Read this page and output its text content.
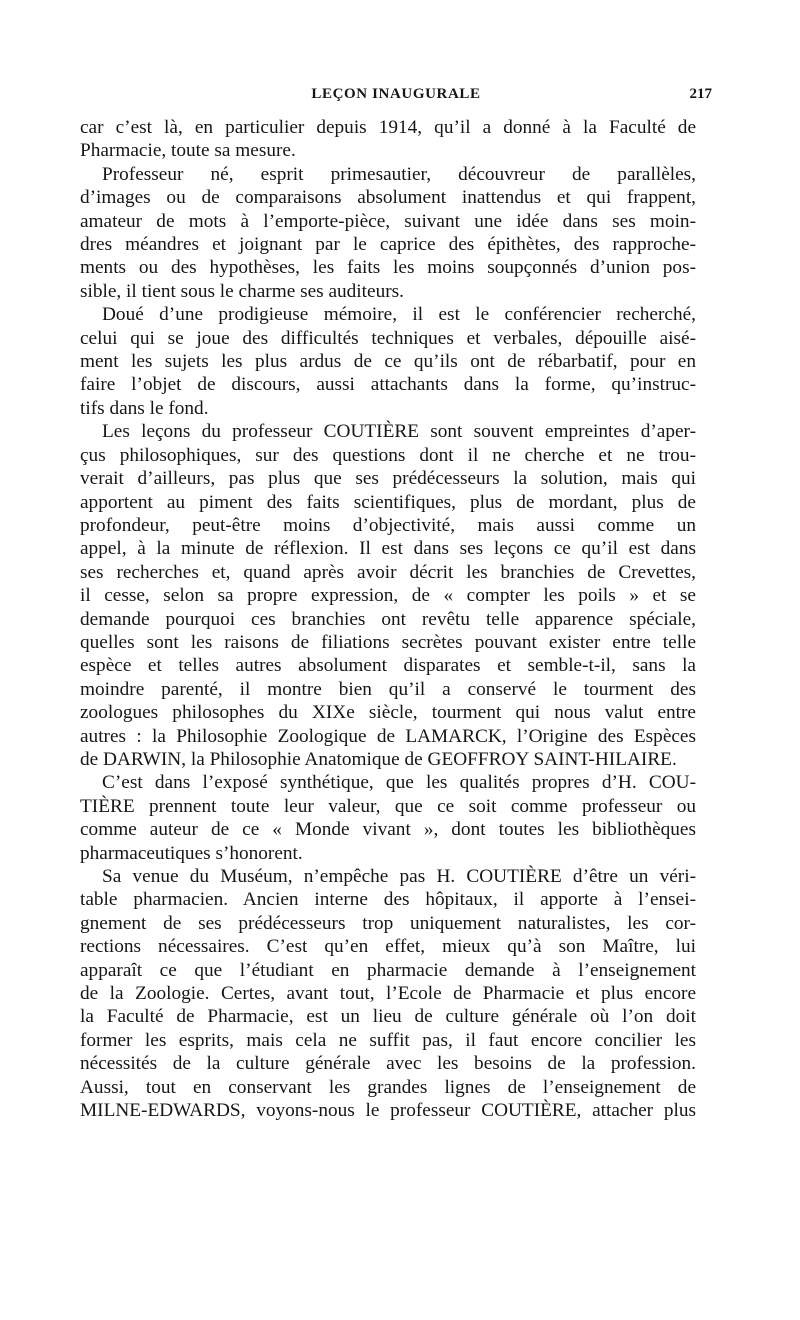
LEÇON INAUGURALE	217
car c’est là, en particulier depuis 1914, qu’il a donné à la Faculté de
Pharmacie, toute sa mesure.
Professeur né, esprit primesautier, découvreur de parallèles,
d’images ou de comparaisons absolument inattendus et qui frappent,
amateur de mots à l’emporte-pièce, suivant une idée dans ses moin-
dres méandres et joignant par le caprice des épithètes, des rapproche-
ments ou des hypothèses, les faits les moins soupçonnés d’union pos-
sible, il tient sous le charme ses auditeurs.
Doué d’une prodigieuse mémoire, il est le conférencier recherché,
celui qui se joue des difficultés techniques et verbales, dépouille aisé-
ment les sujets les plus ardus de ce qu’ils ont de rébarbatif, pour en
faire l’objet de discours, aussi attachants dans la forme, qu’instruc-
tifs dans le fond.
Les leçons du professeur COUTIÈRE sont souvent empreintes d’aper-
çus philosophiques, sur des questions dont il ne cherche et ne trou-
verait d’ailleurs, pas plus que ses prédécesseurs la solution, mais qui
apportent au piment des faits scientifiques, plus de mordant, plus de
profondeur, peut-être moins d’objectivité, mais aussi comme un
appel, à la minute de réflexion. Il est dans ses leçons ce qu’il est dans
ses recherches et, quand après avoir décrit les branchies de Crevettes,
il cesse, selon sa propre expression, de « compter les poils » et se
demande pourquoi ces branchies ont revêtu telle apparence spéciale,
quelles sont les raisons de filiations secrètes pouvant exister entre telle
espèce et telles autres absolument disparates et semble-t-il, sans la
moindre parenté, il montre bien qu’il a conservé le tourment des
zoologues philosophes du XIXe siècle, tourment qui nous valut entre
autres : la Philosophie Zoologique de LAMARCK, l’Origine des Espèces
de DARWIN, la Philosophie Anatomique de GEOFFROY SAINT-HILAIRE.
C’est dans l’exposé synthétique, que les qualités propres d’H. COU-
TIÈRE prennent toute leur valeur, que ce soit comme professeur ou
comme auteur de ce « Monde vivant », dont toutes les bibliothèques
pharmaceutiques s’honorent.
Sa venue du Muséum, n’empêche pas H. COUTIÈRE d’être un véri-
table pharmacien. Ancien interne des hôpitaux, il apporte à l’ensei-
gnement de ses prédécesseurs trop uniquement naturalistes, les cor-
rections nécessaires. C’est qu’en effet, mieux qu’à son Maître, lui
apparaît ce que l’étudiant en pharmacie demande à l’enseignement
de la Zoologie. Certes, avant tout, l’Ecole de Pharmacie et plus encore
la Faculté de Pharmacie, est un lieu de culture générale où l’on doit
former les esprits, mais cela ne suffit pas, il faut encore concilier les
nécessités de la culture générale avec les besoins de la profession.
Aussi, tout en conservant les grandes lignes de l’enseignement de
MILNE-EDWARDS, voyons-nous le professeur COUTIÈRE, attacher plus
